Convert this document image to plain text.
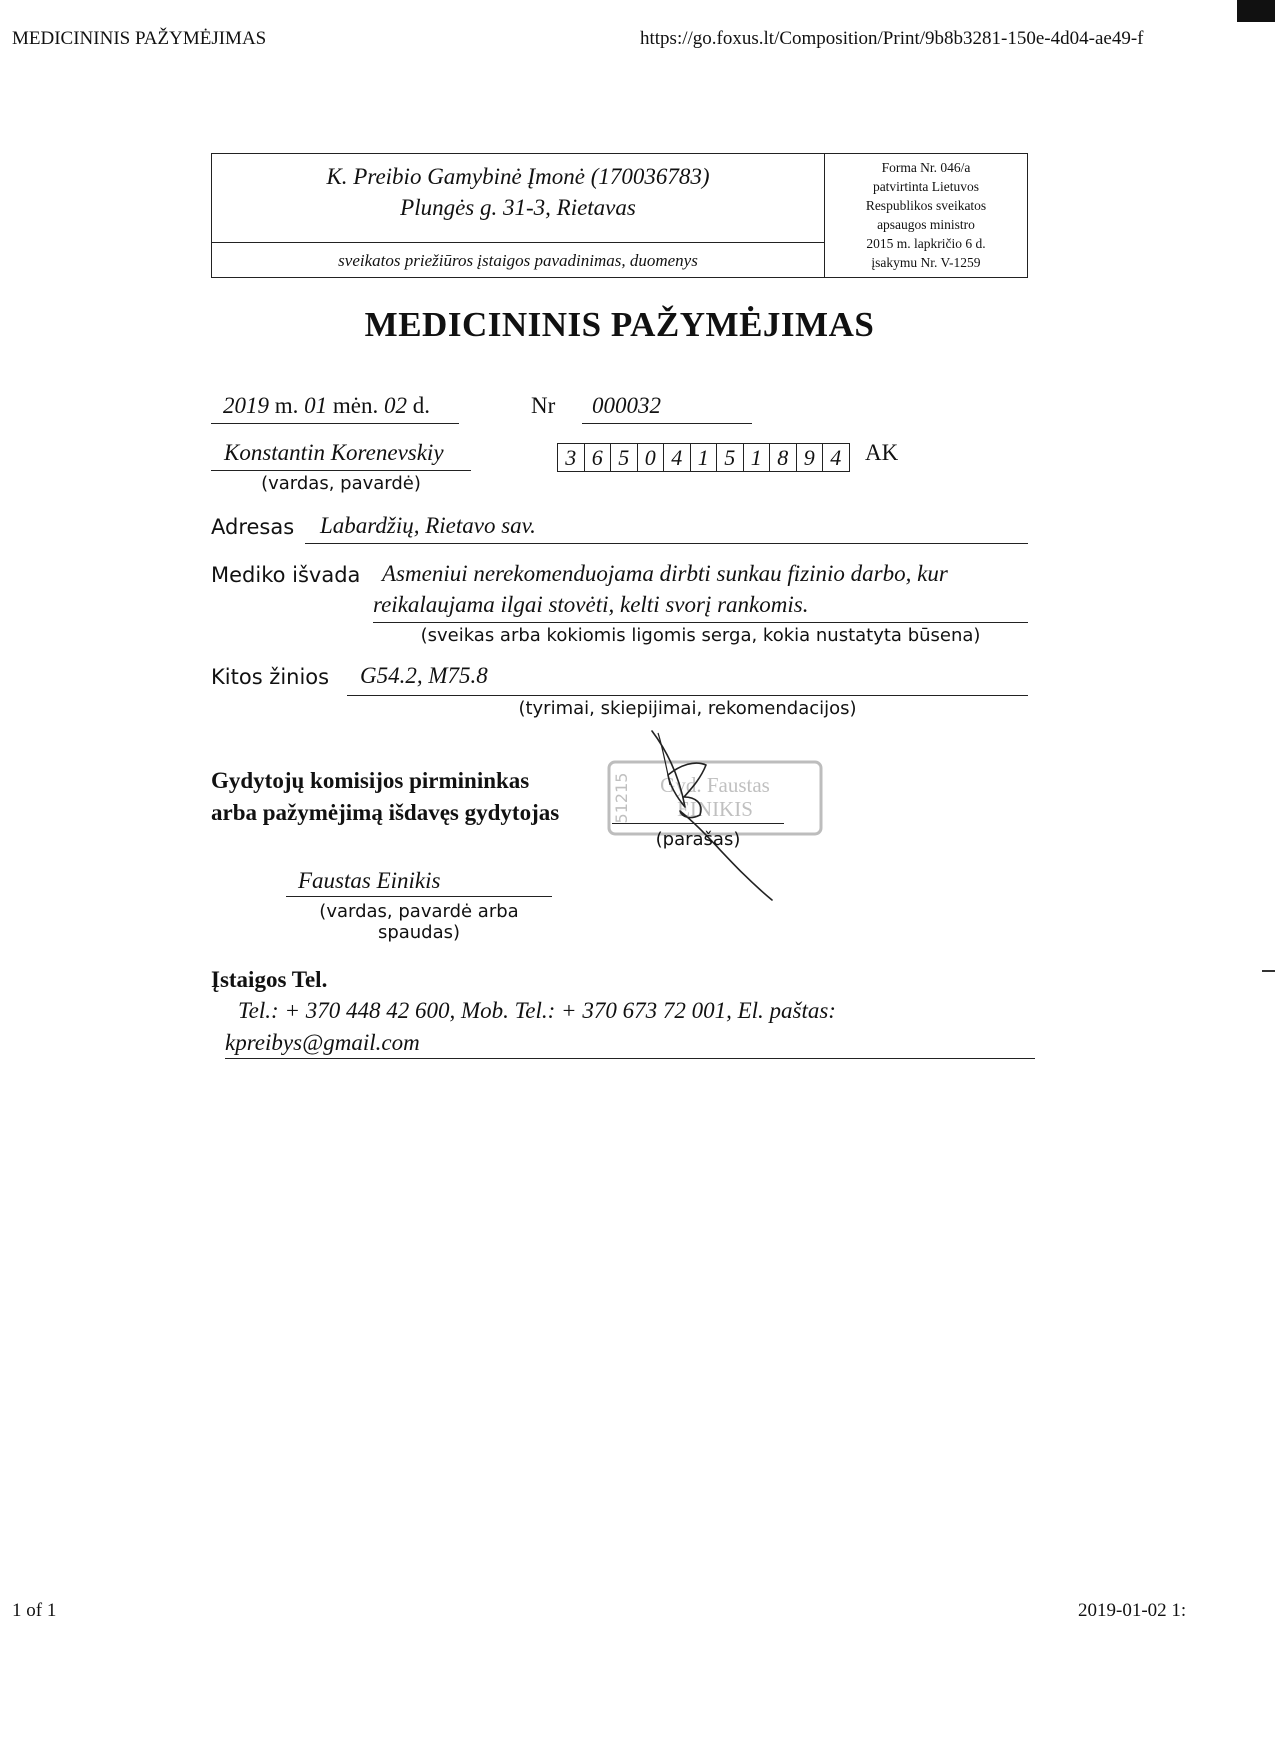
MEDICININIS PAŽYMĖJIMAS	https://go.foxus.lt/Composition/Print/9b8b3281-150e-4d04-ae49-f
K. Preibio Gamybinė Įmonė (170036783)
Plungės g. 31-3, Rietavas
sveikatos priežiūros įstaigos pavadinimas, duomenys
Forma Nr. 046/a
patvirtinta Lietuvos
Respublikos sveikatos
apsaugos ministro
2015 m. lapkričio 6 d.
įsakymu Nr. V-1259
MEDICININIS PAŽYMĖJIMAS
2019 m. 01 mėn. 02 d.	Nr	000032
Konstantin Korenevskiy
(vardas, pavardė)
3 6 5 0 4 1 5 1 8 9 4	AK
Adresas	Labardžių, Rietavo sav.
Mediko išvada Asmeniui nerekomenduojama dirbti sunkau fizinio darbo, kur
reikalaujama ilgai stovėti, kelti svorį rankomis.
(sveikas arba kokiomis ligomis serga, kokia nustatyta būsena)
Kitos žinios	G54.2, M75.8
(tyrimai, skiepijimai, rekomendacijos)
Gydytojų komisijos pirmininkas
arba pažymėjimą išdavęs gydytojas	51215 Gyd. Faustas
EINIKIS
(parašas)
Faustas Einikis
(vardas, pavardė arba spaudas)
Įstaigos Tel.
Tel.: + 370 448 42 600, Mob. Tel.: + 370 673 72 001, El. paštas:
kpreibys@gmail.com
1 of 1	2019-01-02 1:
